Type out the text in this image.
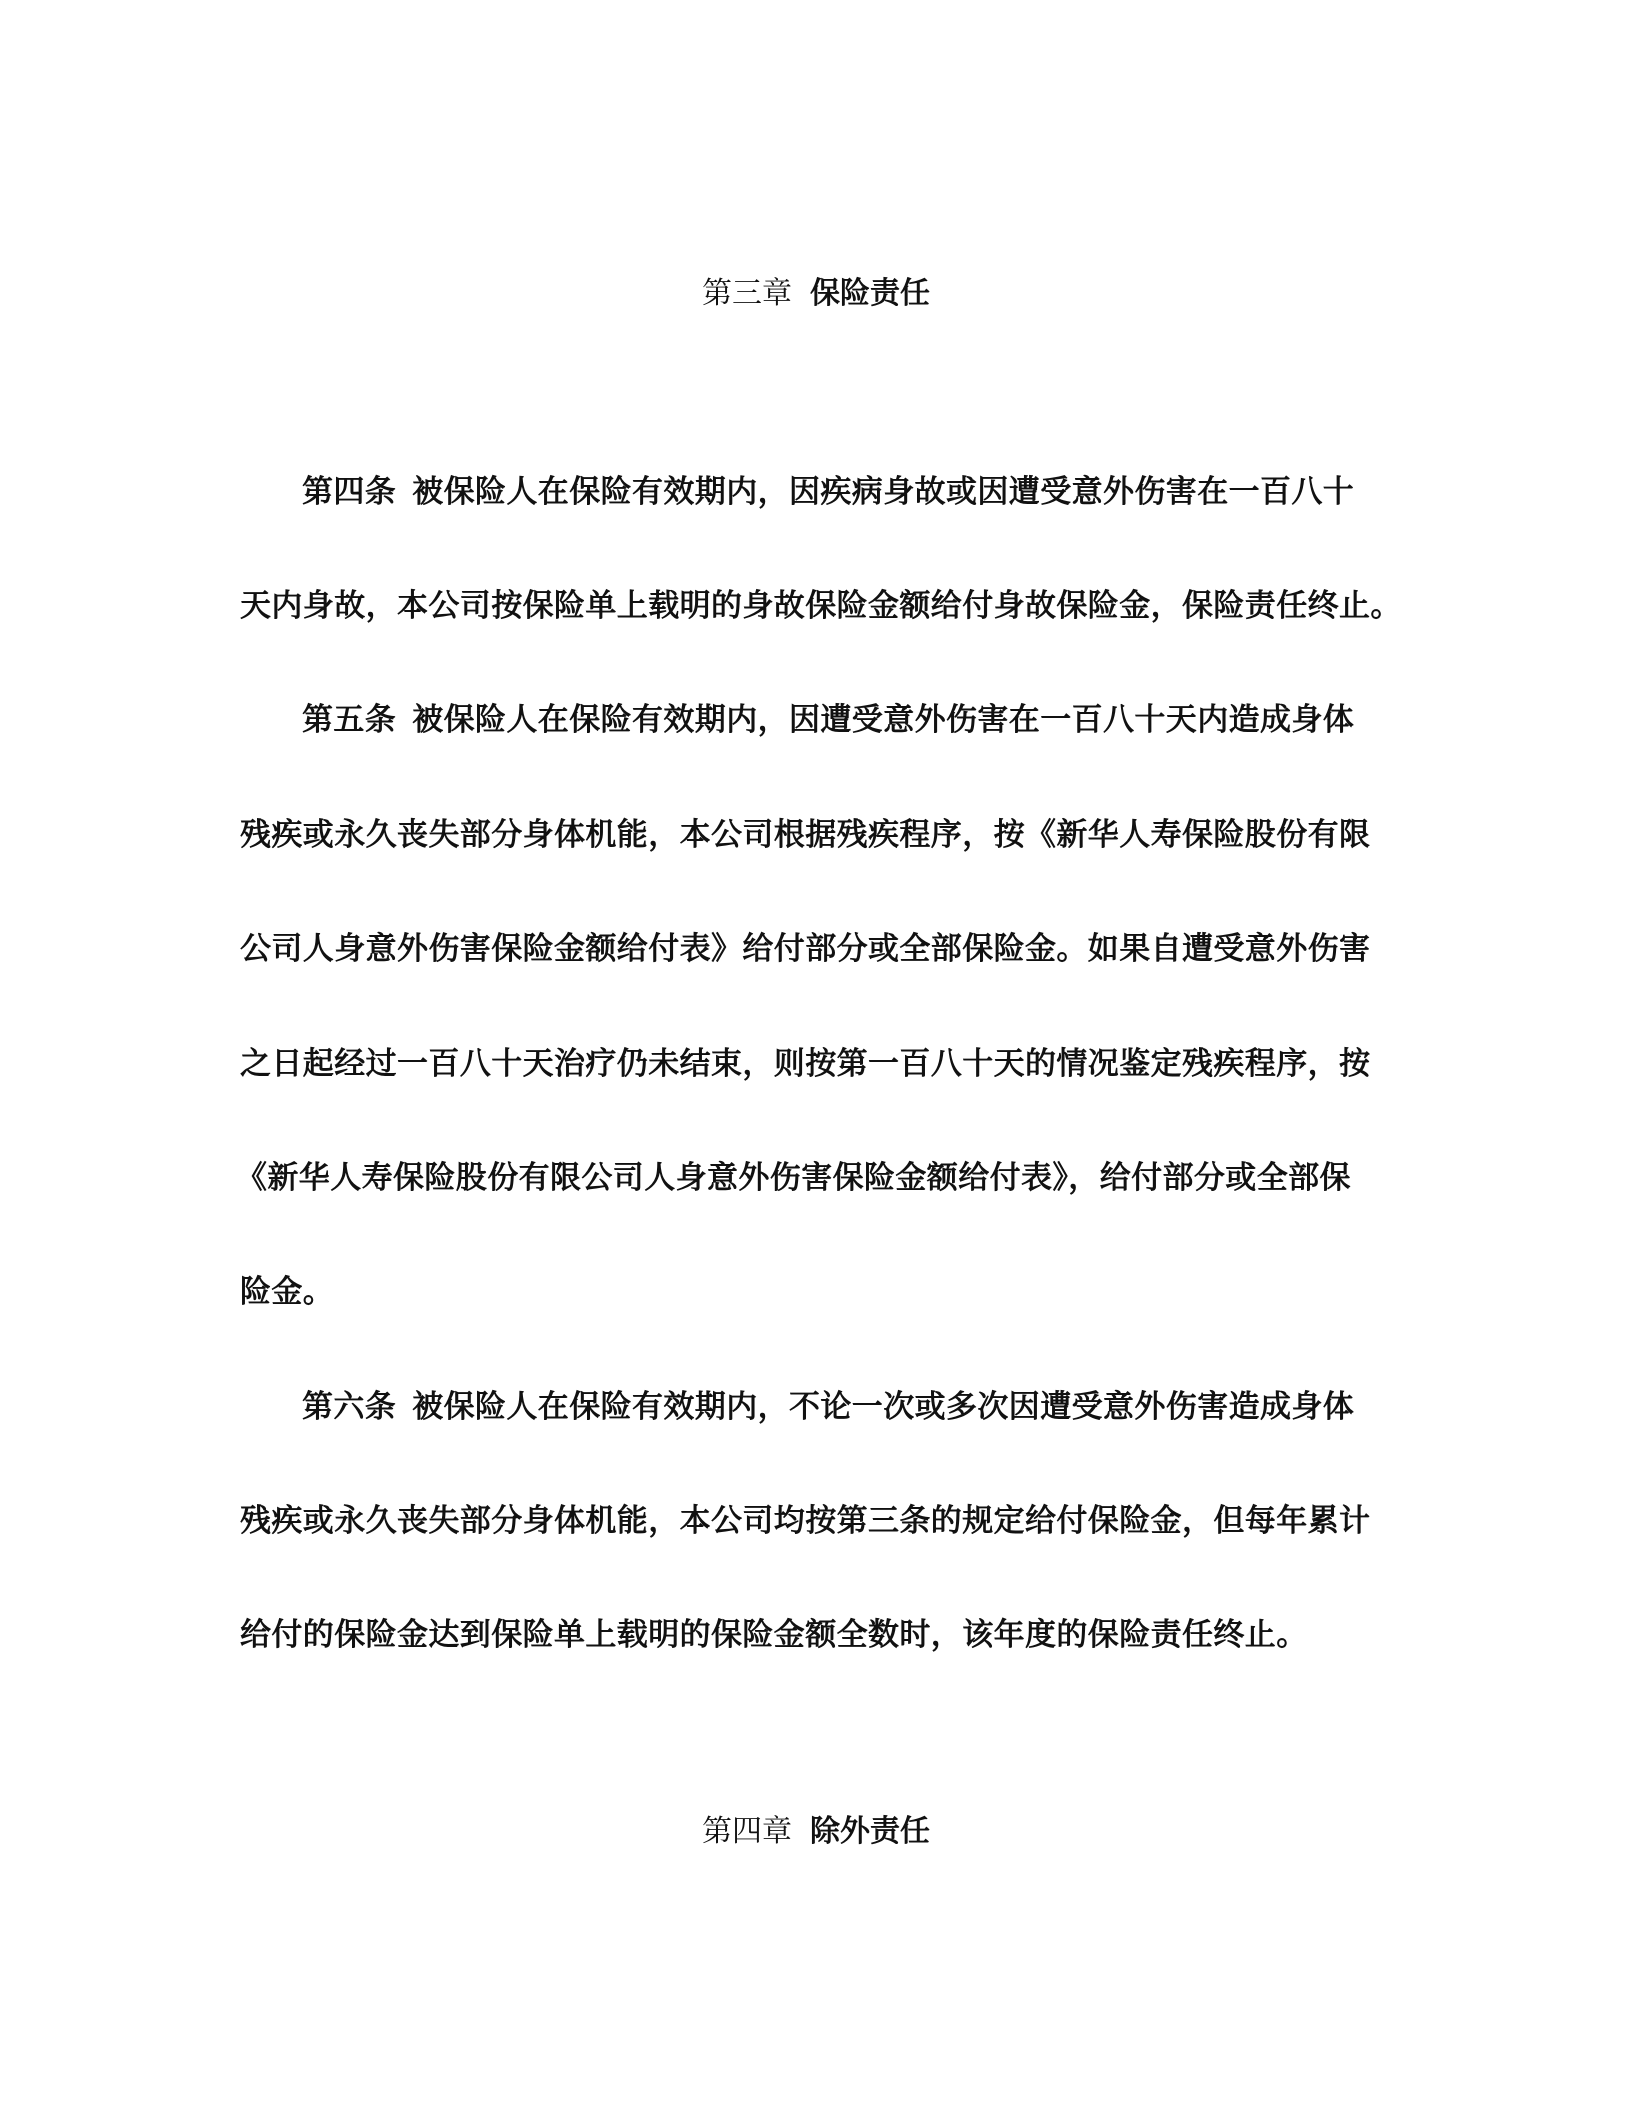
第三章 保险责任
第四条 被保险人在保险有效期内，因疾病身故或因遭受意外伤害在一百八十
天内身故，本公司按保险单上载明的身故保险金额给付身故保险金，保险责任终止。
第五条 被保险人在保险有效期内，因遭受意外伤害在一百八十天内造成身体
残疾或永久丧失部分身体机能，本公司根据残疾程序，按《新华人寿保险股份有限
公司人身意外伤害保险金额给付表》给付部分或全部保险金。如果自遭受意外伤害
之日起经过一百八十天治疗仍未结束，则按第一百八十天的情况鉴定残疾程序，按
《新华人寿保险股份有限公司人身意外伤害保险金额给付表》，给付部分或全部保
险金。
第六条 被保险人在保险有效期内，不论一次或多次因遭受意外伤害造成身体
残疾或永久丧失部分身体机能，本公司均按第三条的规定给付保险金，但每年累计
给付的保险金达到保险单上载明的保险金额全数时，该年度的保险责任终止。
第四章 除外责任
